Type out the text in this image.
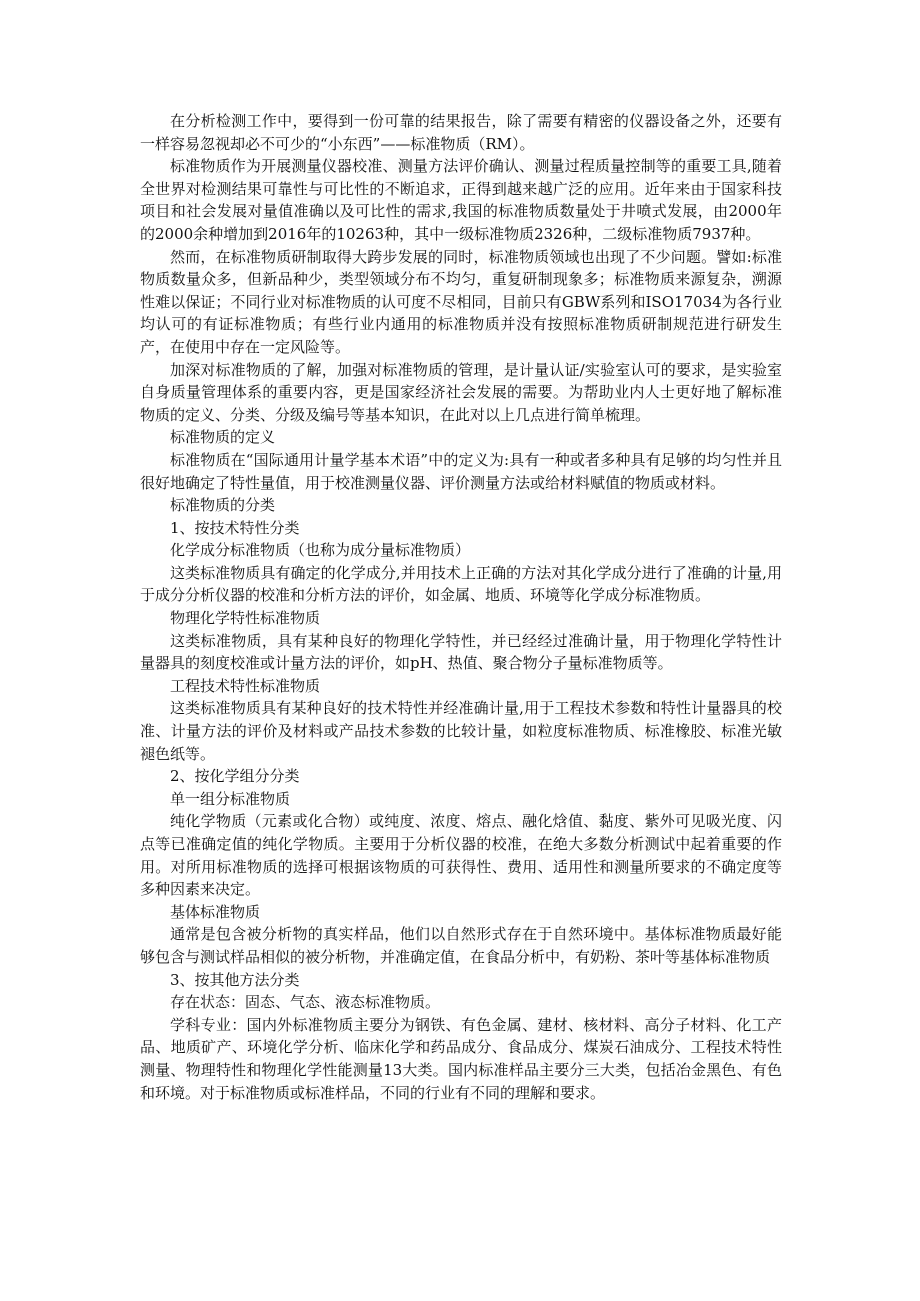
在分析检测工作中，要得到一份可靠的结果报告，除了需要有精密的仪器设备之外，还要有一样容易忽视却必不可少的“小东西”——标准物质（RM）。

标准物质作为开展测量仪器校准、测量方法评价确认、测量过程质量控制等的重要工具,随着全世界对检测结果可靠性与可比性的不断追求，正得到越来越广泛的应用。近年来由于国家科技项目和社会发展对量值准确以及可比性的需求,我国的标准物质数量处于井喷式发展，由2000年的2000余种增加到2016年的10263种，其中一级标准物质2326种，二级标准物质7937种。

然而，在标准物质研制取得大跨步发展的同时，标准物质领域也出现了不少问题。譬如:标准物质数量众多，但新品种少，类型领域分布不均匀，重复研制现象多；标准物质来源复杂，溯源性难以保证；不同行业对标准物质的认可度不尽相同，目前只有GBW系列和ISO17034为各行业均认可的有证标准物质；有些行业内通用的标准物质并没有按照标准物质研制规范进行研发生产，在使用中存在一定风险等。

加深对标准物质的了解，加强对标准物质的管理，是计量认证/实验室认可的要求，是实验室自身质量管理体系的重要内容，更是国家经济社会发展的需要。为帮助业内人士更好地了解标准物质的定义、分类、分级及编号等基本知识，在此对以上几点进行简单梳理。

标准物质的定义

标准物质在“国际通用计量学基本术语”中的定义为:具有一种或者多种具有足够的均匀性并且很好地确定了特性量值，用于校准测量仪器、评价测量方法或给材料赋值的物质或材料。

标准物质的分类

1、按技术特性分类

化学成分标准物质（也称为成分量标准物质）

这类标准物质具有确定的化学成分,并用技术上正确的方法对其化学成分进行了准确的计量,用于成分分析仪器的校准和分析方法的评价，如金属、地质、环境等化学成分标准物质。

物理化学特性标准物质

这类标准物质，具有某种良好的物理化学特性，并已经经过准确计量，用于物理化学特性计量器具的刻度校准或计量方法的评价，如pH、热值、聚合物分子量标准物质等。

工程技术特性标准物质

这类标准物质具有某种良好的技术特性并经准确计量,用于工程技术参数和特性计量器具的校准、计量方法的评价及材料或产品技术参数的比较计量，如粒度标准物质、标准橡胶、标准光敏褪色纸等。

2、按化学组分分类

单一组分标准物质

纯化学物质（元素或化合物）或纯度、浓度、熔点、融化焓值、黏度、紫外可见吸光度、闪点等已准确定值的纯化学物质。主要用于分析仪器的校准，在绝大多数分析测试中起着重要的作用。对所用标准物质的选择可根据该物质的可获得性、费用、适用性和测量所要求的不确定度等多种因素来决定。

基体标准物质

通常是包含被分析物的真实样品，他们以自然形式存在于自然环境中。基体标准物质最好能够包含与测试样品相似的被分析物，并准确定值，在食品分析中，有奶粉、茶叶等基体标准物质

3、按其他方法分类

存在状态：固态、气态、液态标准物质。

学科专业：国内外标准物质主要分为钢铁、有色金属、建材、核材料、高分子材料、化工产品、地质矿产、环境化学分析、临床化学和药品成分、食品成分、煤炭石油成分、工程技术特性测量、物理特性和物理化学性能测量13大类。国内标准样品主要分三大类，包括冶金黑色、有色和环境。对于标准物质或标准样品，不同的行业有不同的理解和要求。
